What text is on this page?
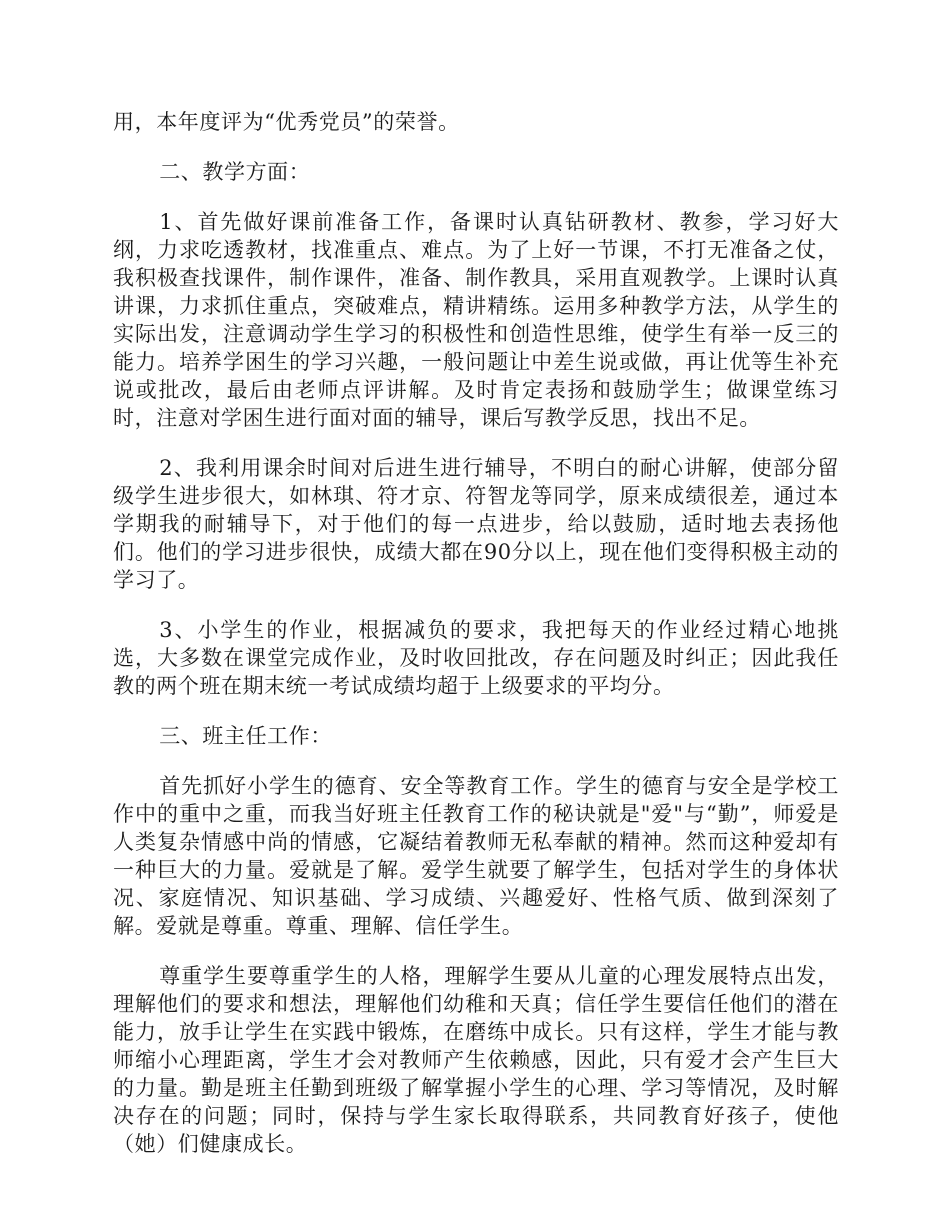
用，本年度评为“优秀党员”的荣誉。

二、教学方面：

1、首先做好课前准备工作，备课时认真钻研教材、教参，学习好大纲，力求吃透教材，找准重点、难点。为了上好一节课，不打无准备之仗，我积极查找课件，制作课件，准备、制作教具，采用直观教学。上课时认真讲课，力求抓住重点，突破难点，精讲精练。运用多种教学方法，从学生的实际出发，注意调动学生学习的积极性和创造性思维，使学生有举一反三的能力。培养学困生的学习兴趣，一般问题让中差生说或做，再让优等生补充说或批改，最后由老师点评讲解。及时肯定表扬和鼓励学生；做课堂练习时，注意对学困生进行面对面的辅导，课后写教学反思，找出不足。

2、我利用课余时间对后进生进行辅导，不明白的耐心讲解，使部分留级学生进步很大，如林琪、符才京、符智龙等同学，原来成绩很差，通过本学期我的耐辅导下，对于他们的每一点进步，给以鼓励，适时地去表扬他们。他们的学习进步很快，成绩大都在90分以上，现在他们变得积极主动的学习了。

3、小学生的作业，根据减负的要求，我把每天的作业经过精心地挑选，大多数在课堂完成作业，及时收回批改，存在问题及时纠正；因此我任教的两个班在期末统一考试成绩均超于上级要求的平均分。

三、班主任工作：

首先抓好小学生的德育、安全等教育工作。学生的德育与安全是学校工作中的重中之重，而我当好班主任教育工作的秘诀就是"爱"与“勤”，师爱是人类复杂情感中尚的情感，它凝结着教师无私奉献的精神。然而这种爱却有一种巨大的力量。爱就是了解。爱学生就要了解学生，包括对学生的身体状况、家庭情况、知识基础、学习成绩、兴趣爱好、性格气质、做到深刻了解。爱就是尊重。尊重、理解、信任学生。

尊重学生要尊重学生的人格，理解学生要从儿童的心理发展特点出发，理解他们的要求和想法，理解他们幼稚和天真；信任学生要信任他们的潜在能力，放手让学生在实践中锻炼，在磨练中成长。只有这样，学生才能与教师缩小心理距离，学生才会对教师产生依赖感，因此，只有爱才会产生巨大的力量。勤是班主任勤到班级了解掌握小学生的心理、学习等情况，及时解决存在的问题；同时，保持与学生家长取得联系，共同教育好孩子，使他（她）们健康成长。
